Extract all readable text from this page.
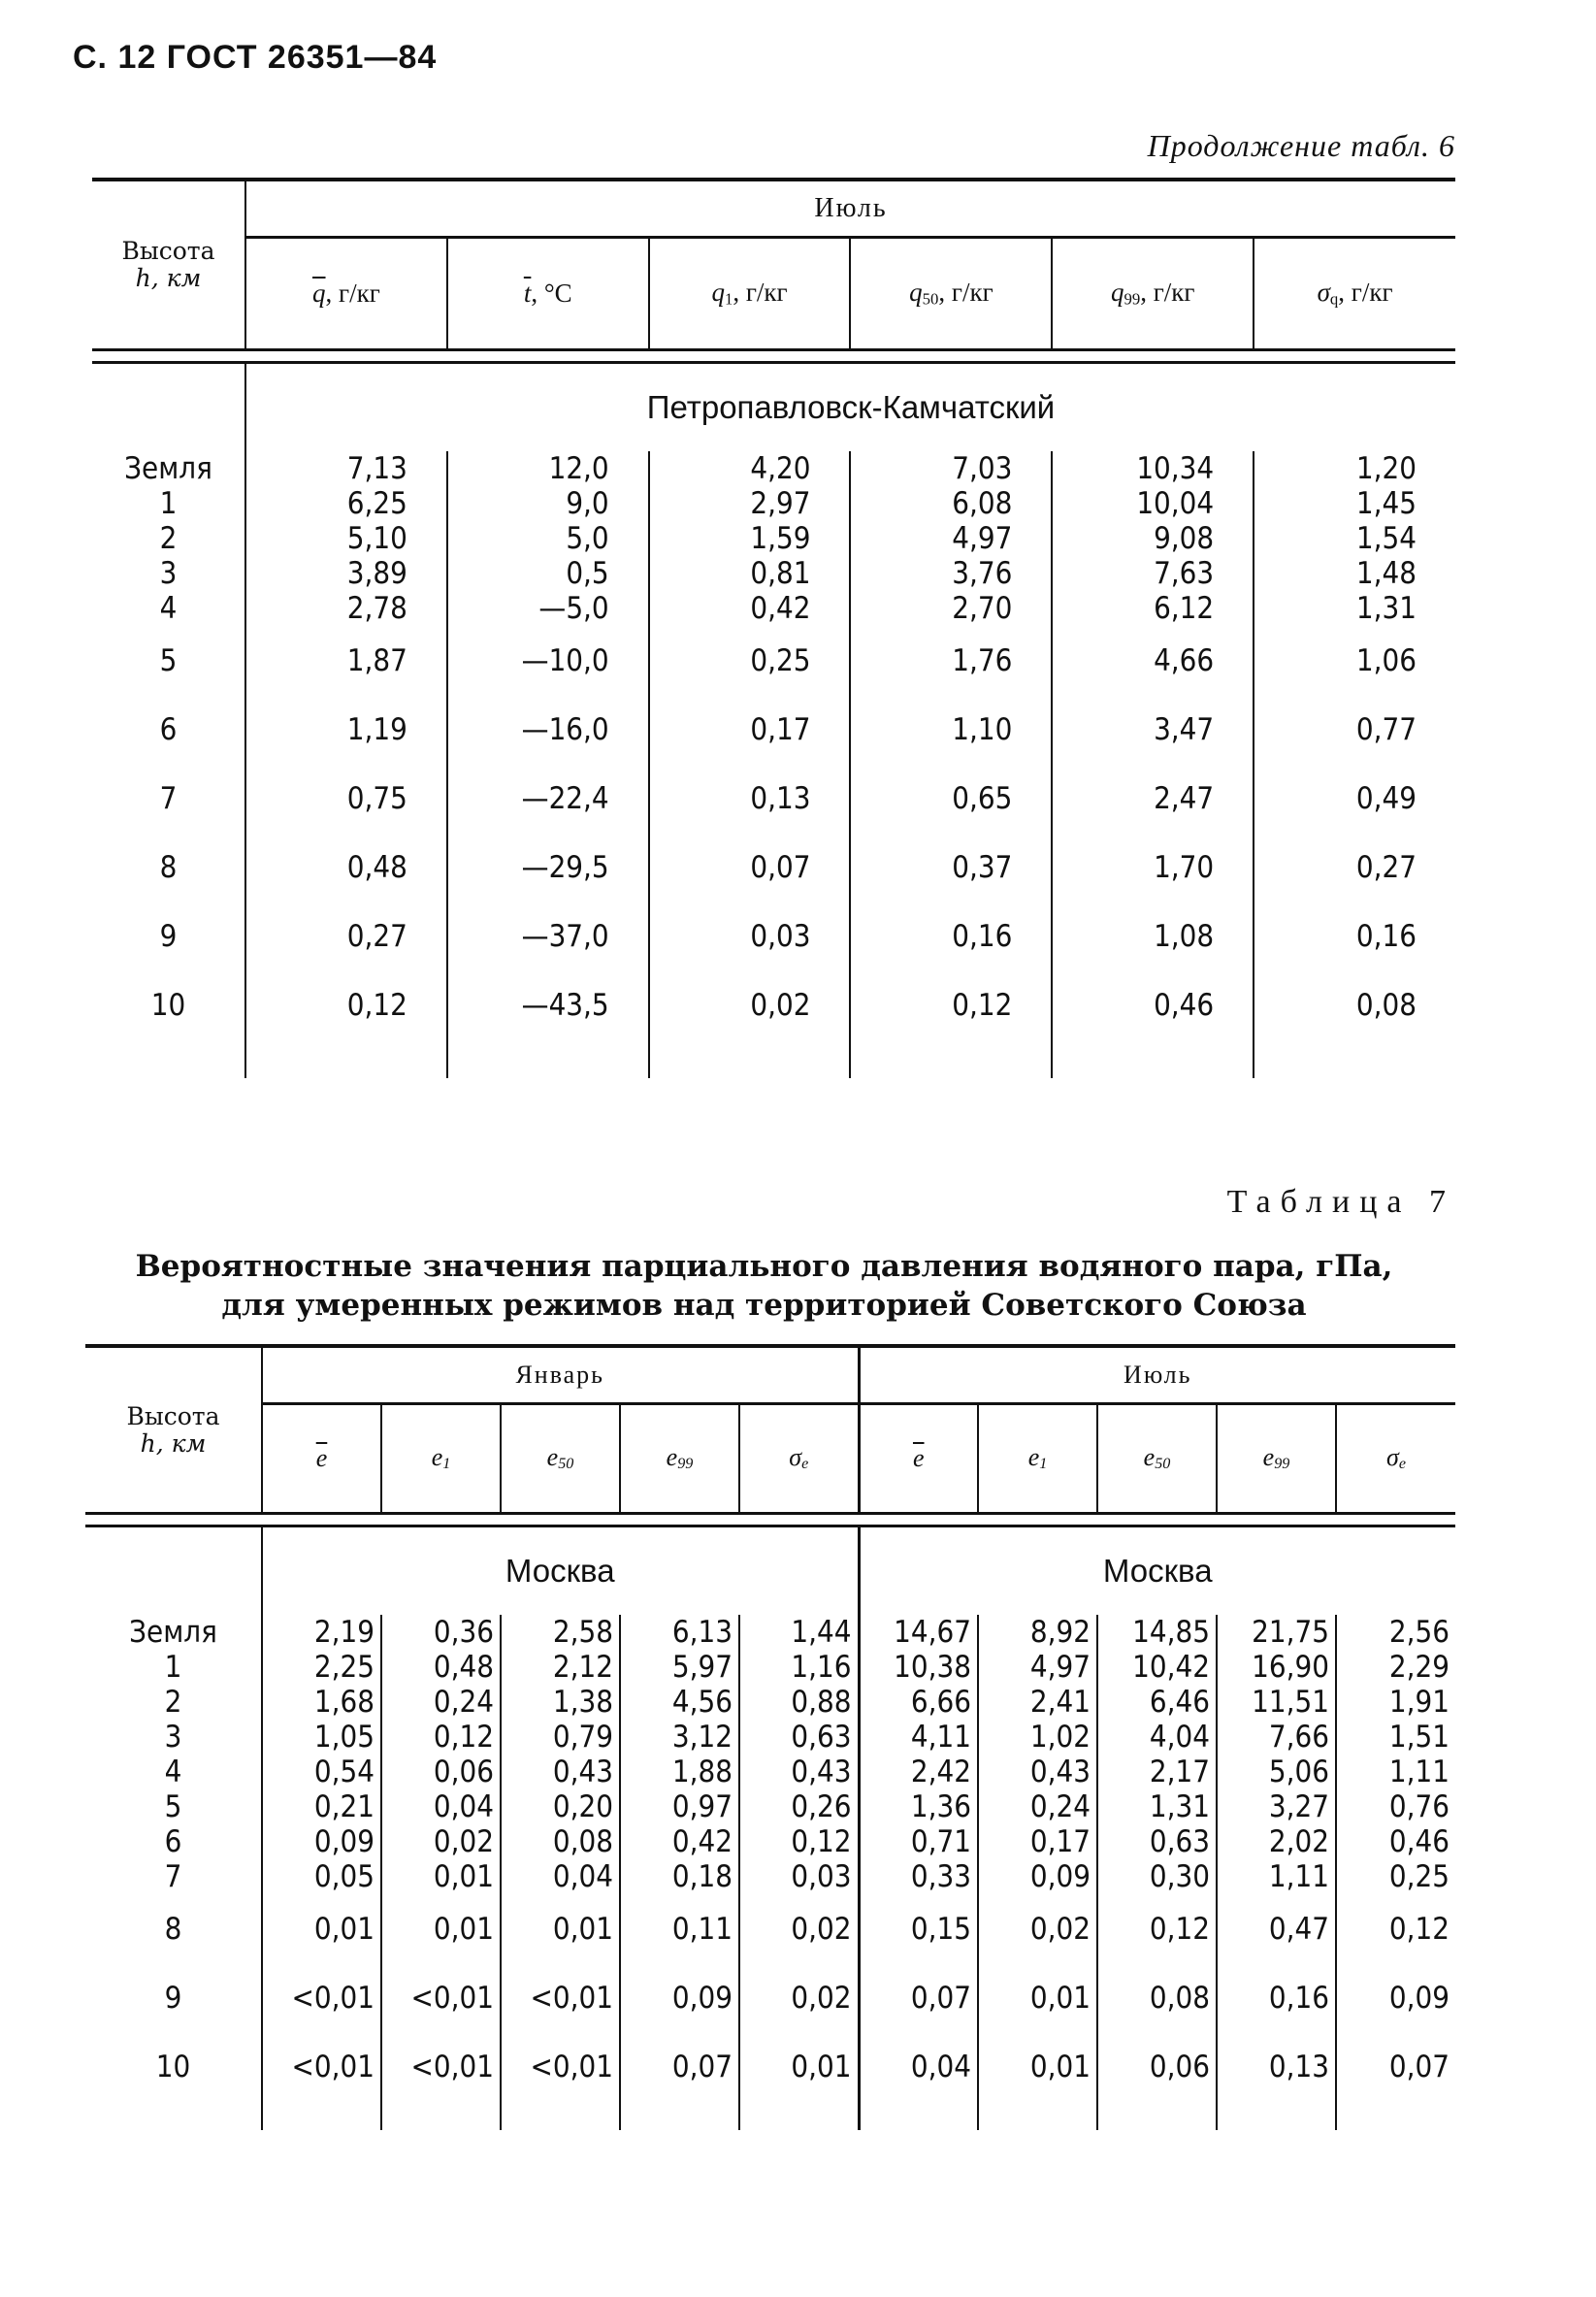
С. 12 ГОСТ 26351—84
Продолжение табл. 6
Высота
h, км	Июль					
	$\overline{q}$, г/кг	$\overline{t}$, °С	$q_1$, г/кг	$q_{50}$, г/кг	$q_{99}$, г/кг	$\sigma_q$, г/кг

	Петропавловск-Камчатский					
Земля	7,13	12,0	4,20	7,03	10,34	1,20
1	6,25	9,0	2,97	6,08	10,04	1,45
2	5,10	5,0	1,59	4,97	9,08	1,54
3	3,89	0,5	0,81	3,76	7,63	1,48
4	2,78	—5,0	0,42	2,70	6,12	1,31
5	1,87	—10,0	0,25	1,76	4,66	1,06
6	1,19	—16,0	0,17	1,10	3,47	0,77
7	0,75	—22,4	0,13	0,65	2,47	0,49
8	0,48	—29,5	0,07	0,37	1,70	0,27
9	0,27	—37,0	0,03	0,16	1,08	0,16
10	0,12	—43,5	0,02	0,12	0,46	0,08

Таблица 7
Вероятностные значения парциального давления водяного пара, гПа,
для умеренных режимов над территорией Советского Союза
Высота
h, км	Январь					Июль				
	$\overline{e}$	$e_1$	$e_{50}$	$e_{99}$	$\sigma_e$	$\overline{e}$	$e_1$	$e_{50}$	$e_{99}$	$\sigma_e$

	Москва					Москва				
Земля	2,19	0,36	2,58	6,13	1,44	14,67	8,92	14,85	21,75	2,56
1	2,25	0,48	2,12	5,97	1,16	10,38	4,97	10,42	16,90	2,29
2	1,68	0,24	1,38	4,56	0,88	6,66	2,41	6,46	11,51	1,91
3	1,05	0,12	0,79	3,12	0,63	4,11	1,02	4,04	7,66	1,51
4	0,54	0,06	0,43	1,88	0,43	2,42	0,43	2,17	5,06	1,11
5	0,21	0,04	0,20	0,97	0,26	1,36	0,24	1,31	3,27	0,76
6	0,09	0,02	0,08	0,42	0,12	0,71	0,17	0,63	2,02	0,46
7	0,05	0,01	0,04	0,18	0,03	0,33	0,09	0,30	1,11	0,25
8	0,01	0,01	0,01	0,11	0,02	0,15	0,02	0,12	0,47	0,12
9	<0,01	<0,01	<0,01	0,09	0,02	0,07	0,01	0,08	0,16	0,09
10	<0,01	<0,01	<0,01	0,07	0,01	0,04	0,01	0,06	0,13	0,07
